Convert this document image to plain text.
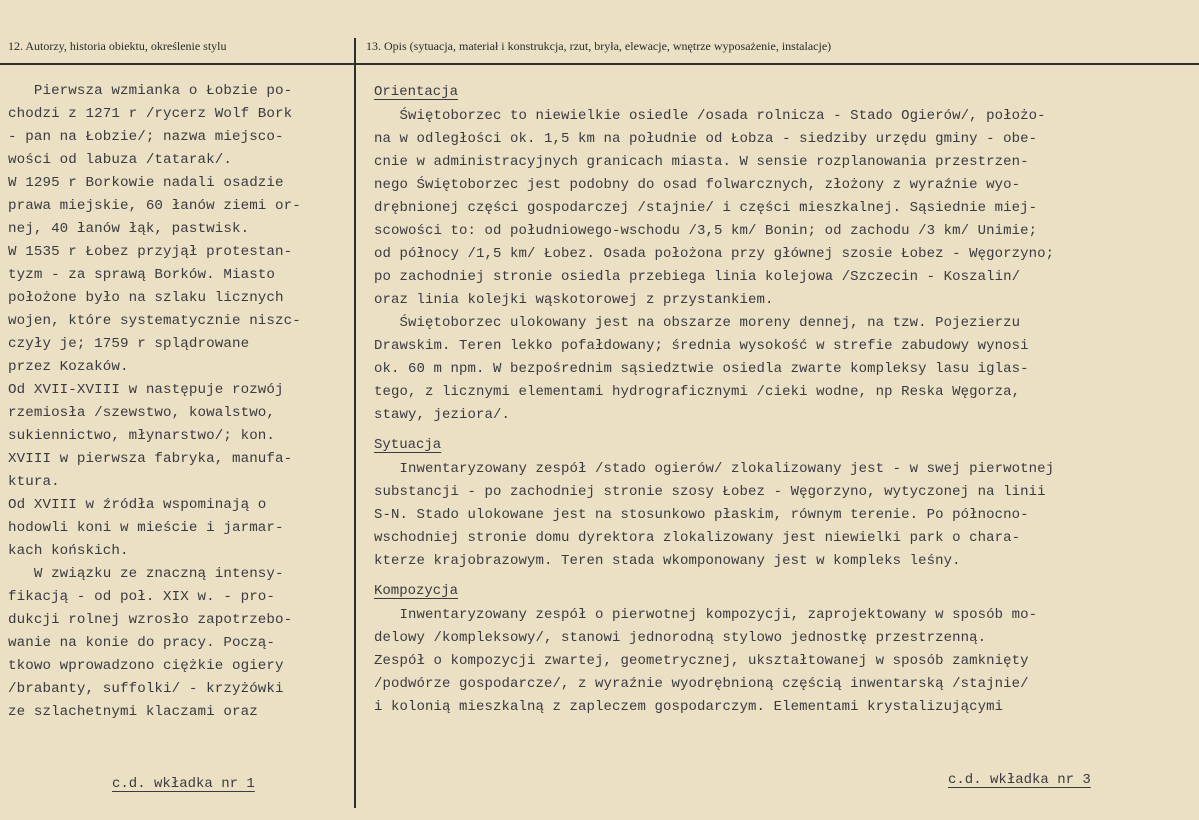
12. Autorzy, historia obiektu, określenie stylu	13. Opis (sytuacja, materiał i konstrukcja, rzut, bryła, elewacje, wnętrze wyposażenie, instalacje)
Pierwsza wzmianka o Łobzie po-
chodzi z 1271 r /rycerz Wolf Bork
- pan na Łobzie/; nazwa miejsco-
wości od labuza /tatarak/.
W 1295 r Borkowie nadali osadzie
prawa miejskie, 60 łanów ziemi or-
nej, 40 łanów łąk, pastwisk.
W 1535 r Łobez przyjął protestan-
tyzm - za sprawą Borków. Miasto
położone było na szlaku licznych
wojen, które systematycznie niszc-
czyły je; 1759 r splądrowane
przez Kozaków.
Od XVII-XVIII w następuje rozwój
rzemiosła /szewstwo, kowalstwo,
sukiennictwo, młynarstwo/; kon.
XVIII w pierwsza fabryka, manufa-
ktura.
Od XVIII w źródła wspominają o
hodowli koni w mieście i jarmar-
kach końskich.
W związku ze znaczną intensy-
fikacją - od poł. XIX w. - pro-
dukcji rolnej wzrosło zapotrzebo-
wanie na konie do pracy. Począ-
tkowo wprowadzono ciężkie ogiery
/brabanty, suffolki/ - krzyżówki
ze szlachetnymi klaczami oraz
c.d. wkładka nr 1
Orientacja
Świętoborzec to niewielkie osiedle /osada rolnicza - Stado Ogierów/, położo-
na w odległości ok. 1,5 km na południe od Łobza - siedziby urzędu gminy - obe-
cnie w administracyjnych granicach miasta. W sensie rozplanowania przestrzen-
nego Świętoborzec jest podobny do osad folwarcznych, złożony z wyraźnie wyo-
drębnionej części gospodarczej /stajnie/ i części mieszkalnej. Sąsiednie miej-
scowości to: od południowego-wschodu /3,5 km/ Bonin; od zachodu /3 km/ Unimie;
od północy /1,5 km/ Łobez. Osada położona przy głównej szosie Łobez - Węgorzyno;
po zachodniej stronie osiedla przebiega linia kolejowa /Szczecin - Koszalin/
oraz linia kolejki wąskotorowej z przystankiem.
Świętoborzec ulokowany jest na obszarze moreny dennej, na tzw. Pojezierzu
Drawskim. Teren lekko pofałdowany; średnia wysokość w strefie zabudowy wynosi
ok. 60 m npm. W bezpośrednim sąsiedztwie osiedla zwarte kompleksy lasu iglas-
tego, z licznymi elementami hydrograficznymi /cieki wodne, np Reska Węgorza,
stawy, jeziora/.
Sytuacja
Inwentaryzowany zespół /stado ogierów/ zlokalizowany jest - w swej pierwotnej
substancji - po zachodniej stronie szosy Łobez - Węgorzyno, wytyczonej na linii
S-N. Stado ulokowane jest na stosunkowo płaskim, równym terenie. Po północno-
wschodniej stronie domu dyrektora zlokalizowany jest niewielki park o chara-
kterze krajobrazowym. Teren stada wkomponowany jest w kompleks leśny.
Kompozycja
Inwentaryzowany zespół o pierwotnej kompozycji, zaprojektowany w sposób mo-
delowy /kompleksowy/, stanowi jednorodną stylowo jednostkę przestrzenną.
Zespół o kompozycji zwartej, geometrycznej, ukształtowanej w sposób zamknięty
/podwórze gospodarcze/, z wyraźnie wyodrębnioną częścią inwentarską /stajnie/
i kolonią mieszkalną z zapleczem gospodarczym. Elementami krystalizującymi
c.d. wkładka nr 3
